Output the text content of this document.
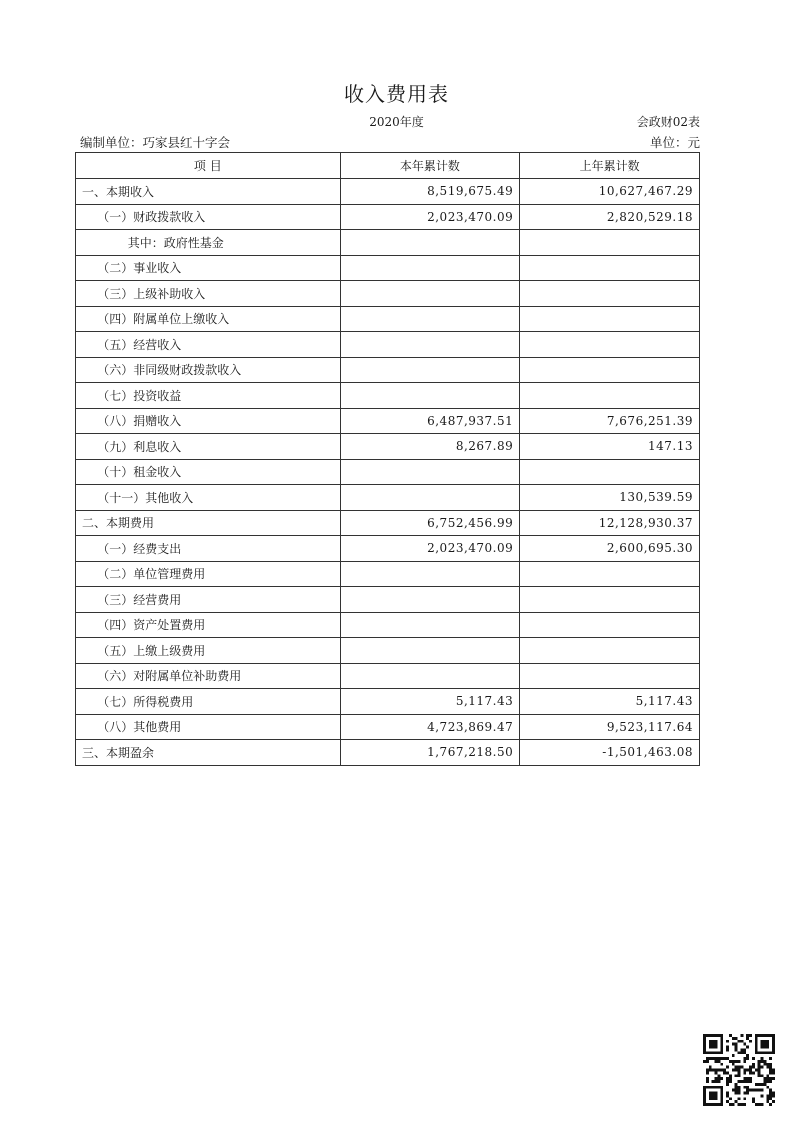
收入费用表
2020年度	会政财02表
编制单位：巧家县红十字会	单位：元
项 目	本年累计数	上年累计数
一、本期收入	8,519,675.49	10,627,467.29
（一）财政拨款收入	2,023,470.09	2,820,529.18
其中：政府性基金		
（二）事业收入		
（三）上级补助收入		
（四）附属单位上缴收入		
（五）经营收入		
（六）非同级财政拨款收入		
（七）投资收益		
（八）捐赠收入	6,487,937.51	7,676,251.39
（九）利息收入	8,267.89	147.13
（十）租金收入		
（十一）其他收入		130,539.59
二、本期费用	6,752,456.99	12,128,930.37
（一）经费支出	2,023,470.09	2,600,695.30
（二）单位管理费用		
（三）经营费用		
（四）资产处置费用		
（五）上缴上级费用		
（六）对附属单位补助费用		
（七）所得税费用	5,117.43	5,117.43
（八）其他费用	4,723,869.47	9,523,117.64
三、本期盈余	1,767,218.50	-1,501,463.08
